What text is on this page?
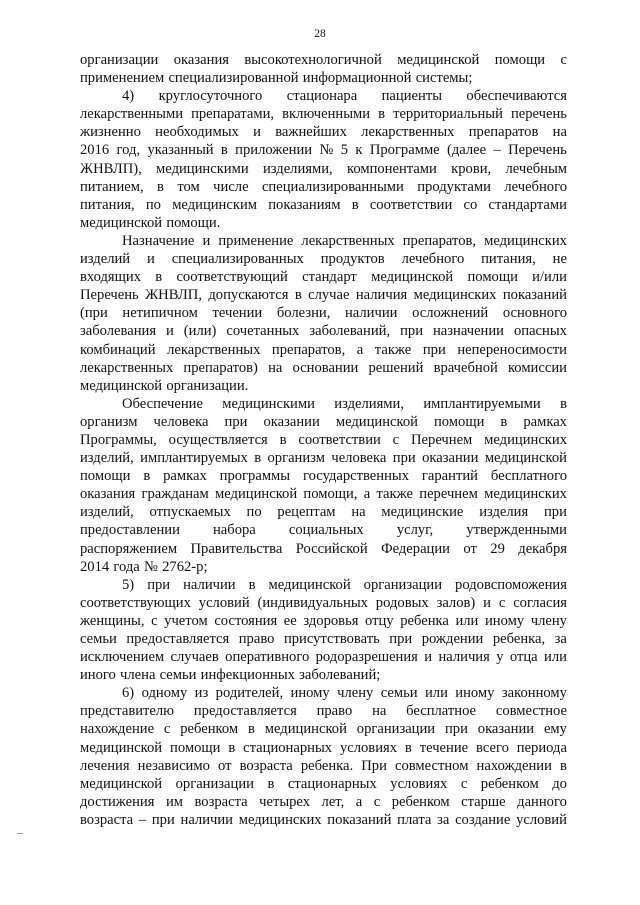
28
организации оказания высокотехнологичной медицинской помощи с
применением специализированной информационной системы;
4) круглосуточного стационара пациенты обеспечиваются
лекарственными препаратами, включенными в территориальный перечень
жизненно необходимых и важнейших лекарственных препаратов на
2016 год, указанный в приложении № 5 к Программе (далее – Перечень
ЖНВЛП), медицинскими изделиями, компонентами крови, лечебным
питанием, в том числе специализированными продуктами лечебного
питания, по медицинским показаниям в соответствии со стандартами
медицинской помощи.
Назначение и применение лекарственных препаратов, медицинских
изделий и специализированных продуктов лечебного питания, не
входящих в соответствующий стандарт медицинской помощи и/или
Перечень ЖНВЛП, допускаются в случае наличия медицинских показаний
(при нетипичном течении болезни, наличии осложнений основного
заболевания и (или) сочетанных заболеваний, при назначении опасных
комбинаций лекарственных препаратов, а также при непереносимости
лекарственных препаратов) на основании решений врачебной комиссии
медицинской организации.
Обеспечение медицинскими изделиями, имплантируемыми в
организм человека при оказании медицинской помощи в рамках
Программы, осуществляется в соответствии с Перечнем медицинских
изделий, имплантируемых в организм человека при оказании медицинской
помощи в рамках программы государственных гарантий бесплатного
оказания гражданам медицинской помощи, а также перечнем медицинских
изделий, отпускаемых по рецептам на медицинские изделия при
предоставлении набора социальных услуг, утвержденными
распоряжением Правительства Российской Федерации от 29 декабря
2014 года № 2762-р;
5) при наличии в медицинской организации родовспоможения
соответствующих условий (индивидуальных родовых залов) и с согласия
женщины, с учетом состояния ее здоровья отцу ребенка или иному члену
семьи предоставляется право присутствовать при рождении ребенка, за
исключением случаев оперативного родоразрешения и наличия у отца или
иного члена семьи инфекционных заболеваний;
6) одному из родителей, иному члену семьи или иному законному
представителю предоставляется право на бесплатное совместное
нахождение с ребенком в медицинской организации при оказании ему
медицинской помощи в стационарных условиях в течение всего периода
лечения независимо от возраста ребенка. При совместном нахождении в
медицинской организации в стационарных условиях с ребенком до
достижения им возраста четырех лет, а с ребенком старше данного
возраста – при наличии медицинских показаний плата за создание условий
